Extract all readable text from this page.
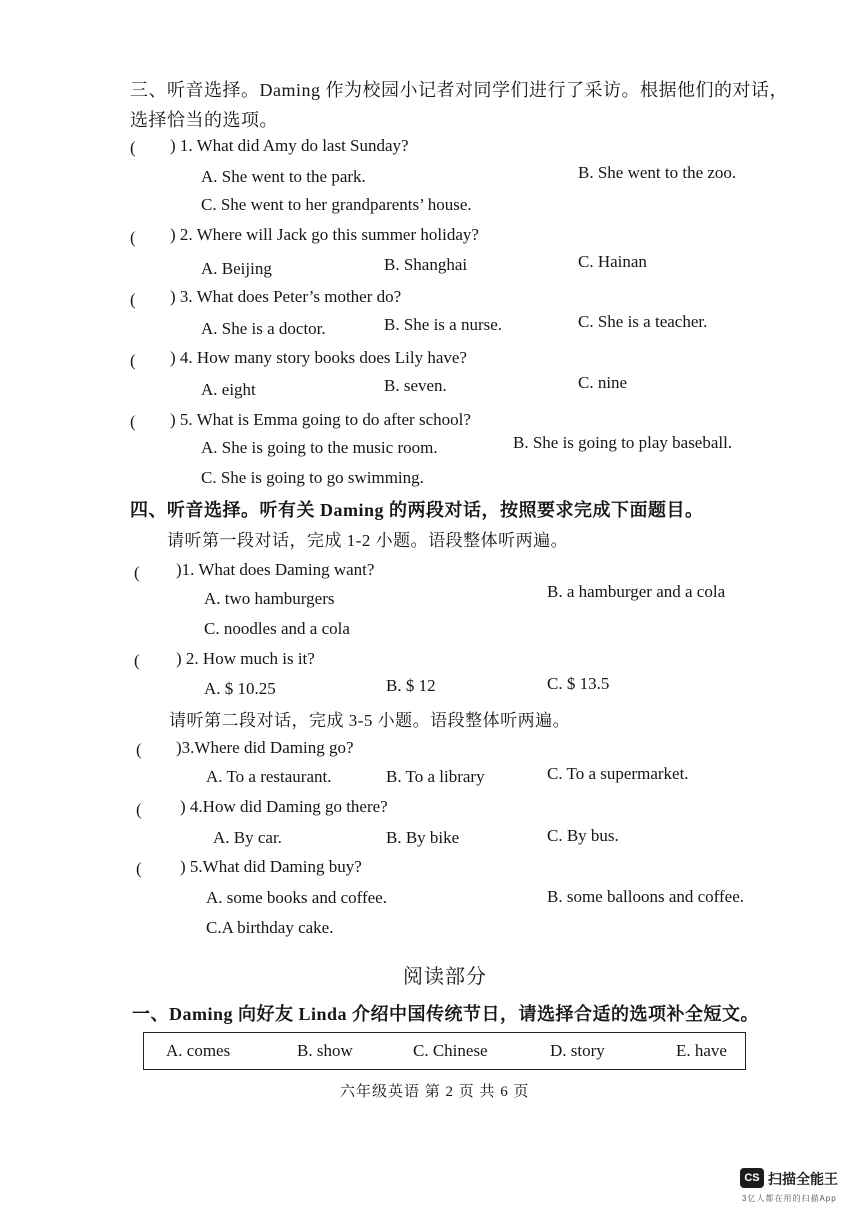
三、听音选择。Daming 作为校园小记者对同学们进行了采访。根据他们的对话，
选择恰当的选项。
( ) 1. What did Amy do last Sunday?
A. She went to the park.	B. She went to the zoo.
C. She went to her grandparents’ house.
( ) 2. Where will Jack go this summer holiday?
A. Beijing	B. Shanghai	C. Hainan
( ) 3. What does Peter’s mother do?
A. She is a doctor.	B. She is a nurse.	C. She is a teacher.
( ) 4. How many story books does Lily have?
A. eight	B. seven.	C. nine
( ) 5. What is Emma going to do after school?
A. She is going to the music room.	B. She is going to play baseball.
C. She is going to go swimming.
四、听音选择。听有关 Daming 的两段对话，按照要求完成下面题目。
请听第一段对话，完成 1-2 小题。语段整体听两遍。
( )1. What does Daming want?
A. two hamburgers	B. a hamburger and a cola
C. noodles and a cola
( ) 2. How much is it?
A. $ 10.25	B. $ 12	C. $ 13.5
请听第二段对话，完成 3-5 小题。语段整体听两遍。
( )3.Where did Daming go?
A. To a restaurant.	B. To a library	C. To a supermarket.
( ) 4.How did Daming go there?
A. By car.	B. By bike	C. By bus.
( ) 5.What did Daming buy?
A. some books and coffee.	B. some balloons and coffee.
C.A birthday cake.
阅读部分
一、Daming 向好友 Linda 介绍中国传统节日，请选择合适的选项补全短文。
A. comes	B. show	C. Chinese	D. story	E. have
六年级英语 第 2 页 共 6 页
CS 扫描全能王
3亿人都在用的扫描App
